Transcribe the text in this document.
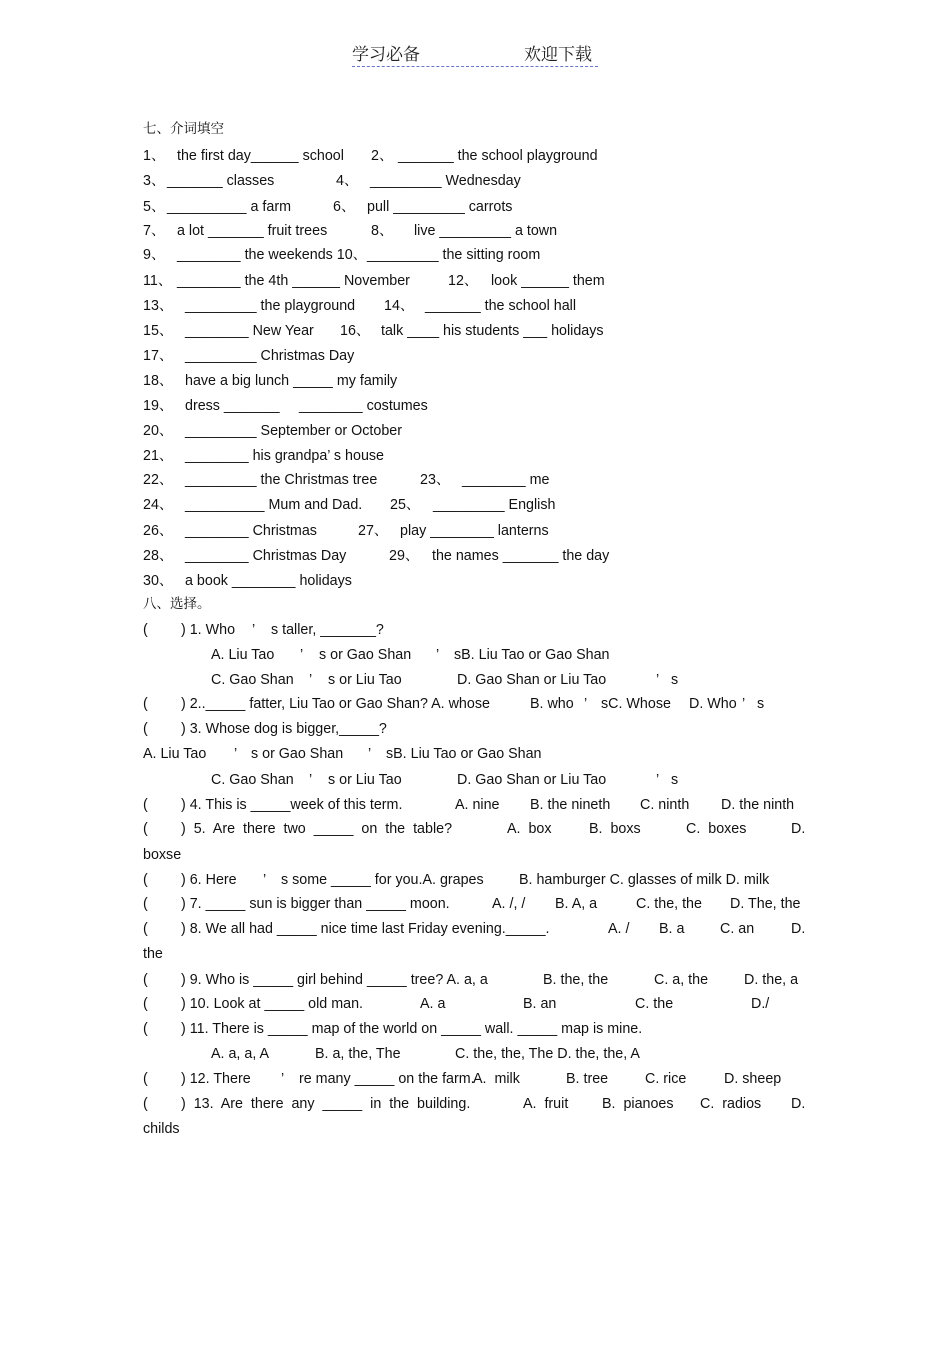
学习必备	欢迎下载
七、介词填空
1、 the first day______ school 2、 _______ the school playground
3、 _______ classes	4、 _________ Wednesday
5、 __________ a farm	6、 pull _________ carrots
7、 a lot _______ fruit trees	8、 live _________ a town
9、 ________ the weekends 10、_________ the sitting room
11、 ________ the 4th ______ November	12、 look ______ them
13、 _________ the playground 14、 _______ the school hall
15、 ________ New Year 16、 talk ____ his students ___ holidays
17、 _________ Christmas Day
18、 have a big lunch _____ my family
19、 dress _______ ________ costumes
20、 _________ September or October
21、 ________ his grandpa’ s house
22、 _________ the Christmas tree	23、 ________ me
24、 __________ Mum and Dad. 25、 _________ English
26、 ________ Christmas	27、 play ________ lanterns
28、 ________ Christmas Day	29、 the names _______ the day
30、 a book ________ holidays
八、选择。
( ) 1. Who ’ s taller, _______?
A. Liu Tao ’ s or Gao Shan ’ sB. Liu Tao or Gao Shan
C. Gao Shan ’ s or Liu Tao	D. Gao Shan or Liu Tao	’ s
( ) 2.._____ fatter, Liu Tao or Gao Shan? A. whose	B. who ’ sC. Whose D. Who ’ s
( ) 3. Whose dog is bigger,_____?
A. Liu Tao ’ s or Gao Shan ’ sB. Liu Tao or Gao Shan
C. Gao Shan ’ s or Liu Tao	D. Gao Shan or Liu Tao	’ s
( ) 4. This is _____week of this term.	A. nine B. the nineth C. ninth D. the ninth
( )  5.  Are  there  two  _____  on  the  table?	A.  box	B.  boxs	C.  boxes	D.
boxse
( ) 6. Here ’ s some _____ for you.A. grapes B. hamburger C. glasses of milk D. milk
( ) 7. _____ sun is bigger than _____ moon.	A. /, / B. A, a	C. the, the D. The, the
( ) 8. We all had _____ nice time last Friday evening._____.	A. / B. a C. an	D.
the
( ) 9. Who is _____ girl behind _____ tree? A. a, a	B. the, the	C. a, the	D. the, a
( ) 10. Look at _____ old man.	A. a	B. an	C. the	D./
( ) 11. There is _____ map of the world on _____ wall. _____ map is mine.
A. a, a, A	B. a, the, The	C. the, the, The D. the, the, A
( ) 12. There ’ re many _____ on the farm.
A.  milk	B. tree	C. rice	D. sheep
( )  13.  Are  there  any  _____  in  the  building.	A.  fruit B.  pianoes C.  radios D.
childs
